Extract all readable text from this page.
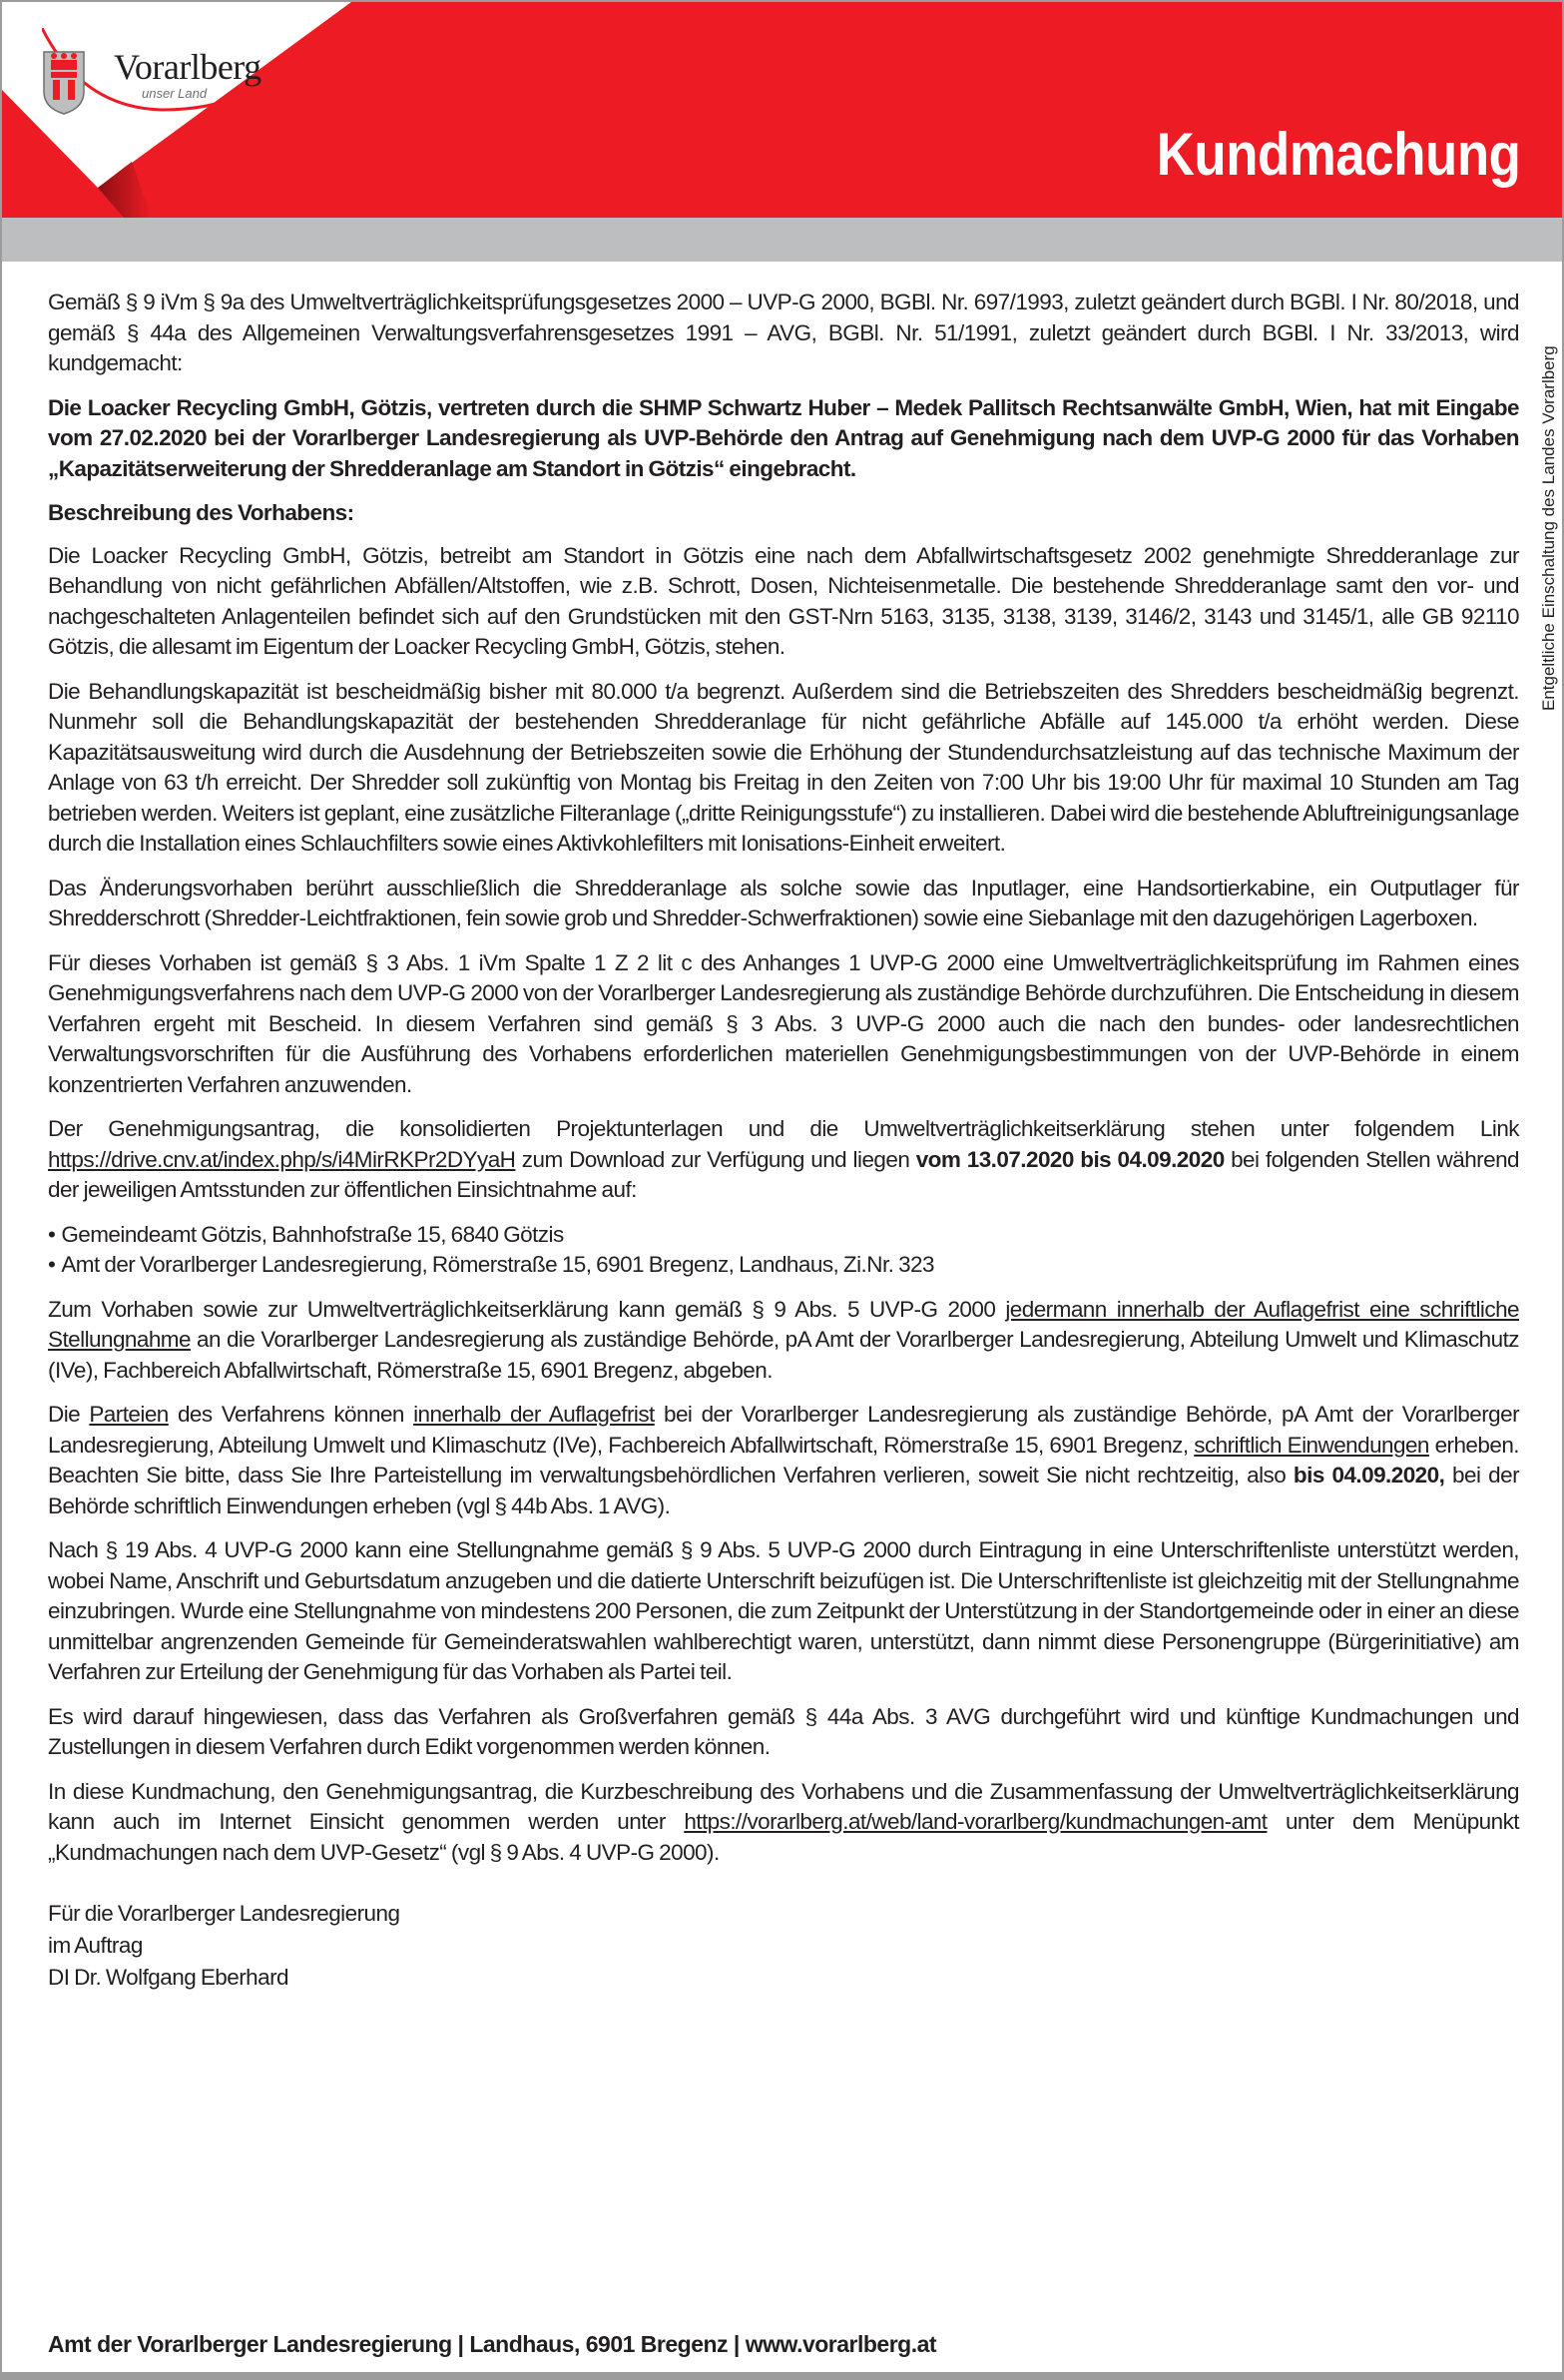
Vorarlberg
unser Land
Kundmachung
Entgeltliche Einschaltung des Landes Vorarlberg

Gemäß § 9 iVm § 9a des Umweltverträglichkeitsprüfungsgesetzes 2000 – UVP-G 2000, BGBl. Nr. 697/1993, zuletzt geändert durch BGBl. I Nr. 80/2018, und gemäß § 44a des Allgemeinen Verwaltungsverfahrensgesetzes 1991 – AVG, BGBl. Nr. 51/1991, zuletzt geändert durch BGBl. I Nr. 33/2013, wird kundgemacht:

Die Loacker Recycling GmbH, Götzis, vertreten durch die SHMP Schwartz Huber – Medek Pallitsch Rechtsanwälte GmbH, Wien, hat mit Eingabe vom 27.02.2020 bei der Vorarlberger Landesregierung als UVP-Behörde den Antrag auf Genehmigung nach dem UVP-G 2000 für das Vorhaben „Kapazitätserweiterung der Shredderanlage am Standort in Götzis“ eingebracht.

Beschreibung des Vorhabens:

Die Loacker Recycling GmbH, Götzis, betreibt am Standort in Götzis eine nach dem Abfallwirtschaftsgesetz 2002 genehmigte Shredderanlage zur Behandlung von nicht gefährlichen Abfällen/Altstoffen, wie z.B. Schrott, Dosen, Nichteisenmetalle. Die bestehende Shredderanlage samt den vor- und nachgeschalteten Anlagenteilen befindet sich auf den Grundstücken mit den GST-Nrn 5163, 3135, 3138, 3139, 3146/2, 3143 und 3145/1, alle GB 92110 Götzis, die allesamt im Eigentum der Loacker Recycling GmbH, Götzis, stehen.

Die Behandlungskapazität ist bescheidmäßig bisher mit 80.000 t/a begrenzt. Außerdem sind die Betriebszeiten des Shredders bescheidmäßig begrenzt. Nunmehr soll die Behandlungskapazität der bestehenden Shredderanlage für nicht gefährliche Abfälle auf 145.000 t/a erhöht werden. Diese Kapazitätsausweitung wird durch die Ausdehnung der Betriebszeiten sowie die Erhöhung der Stundendurchsatzleistung auf das technische Maximum der Anlage von 63 t/h erreicht. Der Shredder soll zukünftig von Montag bis Freitag in den Zeiten von 7:00 Uhr bis 19:00 Uhr für maximal 10 Stunden am Tag betrieben werden. Weiters ist geplant, eine zusätzliche Filteranlage („dritte Reinigungsstufe“) zu installieren. Dabei wird die bestehende Abluftreinigungsanlage durch die Installation eines Schlauchfilters sowie eines Aktivkohlefilters mit Ionisations-Einheit erweitert.

Das Änderungsvorhaben berührt ausschließlich die Shredderanlage als solche sowie das Inputlager, eine Handsortierkabine, ein Outputlager für Shredderschrott (Shredder-Leichtfraktionen, fein sowie grob und Shredder-Schwerfraktionen) sowie eine Siebanlage mit den dazugehörigen Lagerboxen.

Für dieses Vorhaben ist gemäß § 3 Abs. 1 iVm Spalte 1 Z 2 lit c des Anhanges 1 UVP-G 2000 eine Umweltverträglichkeitsprüfung im Rahmen eines Genehmigungsverfahrens nach dem UVP-G 2000 von der Vorarlberger Landesregierung als zuständige Behörde durchzuführen. Die Entscheidung in diesem Verfahren ergeht mit Bescheid. In diesem Verfahren sind gemäß § 3 Abs. 3 UVP-G 2000 auch die nach den bundes- oder landesrechtlichen Verwaltungsvorschriften für die Ausführung des Vorhabens erforderlichen materiellen Genehmigungsbestimmungen von der UVP-Behörde in einem konzentrierten Verfahren anzuwenden.

Der Genehmigungsantrag, die konsolidierten Projektunterlagen und die Umweltverträglichkeitserklärung stehen unter folgendem Link https://drive.cnv.at/index.php/s/i4MirRKPr2DYyaH zum Download zur Verfügung und liegen vom 13.07.2020 bis 04.09.2020 bei folgenden Stellen während der jeweiligen Amtsstunden zur öffentlichen Einsichtnahme auf:

• Gemeindeamt Götzis, Bahnhofstraße 15, 6840 Götzis
• Amt der Vorarlberger Landesregierung, Römerstraße 15, 6901 Bregenz, Landhaus, Zi.Nr. 323

Zum Vorhaben sowie zur Umweltverträglichkeitserklärung kann gemäß § 9 Abs. 5 UVP-G 2000 jedermann innerhalb der Auflagefrist eine schriftliche Stellungnahme an die Vorarlberger Landesregierung als zuständige Behörde, pA Amt der Vorarlberger Landesregierung, Abteilung Umwelt und Klimaschutz (IVe), Fachbereich Abfallwirtschaft, Römerstraße 15, 6901 Bregenz, abgeben.

Die Parteien des Verfahrens können innerhalb der Auflagefrist bei der Vorarlberger Landesregierung als zuständige Behörde, pA Amt der Vorarlberger Landesregierung, Abteilung Umwelt und Klimaschutz (IVe), Fachbereich Abfallwirtschaft, Römerstraße 15, 6901 Bregenz, schriftlich Einwendungen erheben. Beachten Sie bitte, dass Sie Ihre Parteistellung im verwaltungsbehördlichen Verfahren verlieren, soweit Sie nicht rechtzeitig, also bis 04.09.2020, bei der Behörde schriftlich Einwendungen erheben (vgl § 44b Abs. 1 AVG).

Nach § 19 Abs. 4 UVP-G 2000 kann eine Stellungnahme gemäß § 9 Abs. 5 UVP-G 2000 durch Eintragung in eine Unterschriftenliste unterstützt werden, wobei Name, Anschrift und Geburtsdatum anzugeben und die datierte Unterschrift beizufügen ist. Die Unterschriftenliste ist gleichzeitig mit der Stellungnahme einzubringen. Wurde eine Stellungnahme von mindestens 200 Personen, die zum Zeitpunkt der Unterstützung in der Standortgemeinde oder in einer an diese unmittelbar angrenzenden Gemeinde für Gemeinderatswahlen wahlberechtigt waren, unterstützt, dann nimmt diese Personengruppe (Bürgerinitiative) am Verfahren zur Erteilung der Genehmigung für das Vorhaben als Partei teil.

Es wird darauf hingewiesen, dass das Verfahren als Großverfahren gemäß § 44a Abs. 3 AVG durchgeführt wird und künftige Kundmachungen und Zustellungen in diesem Verfahren durch Edikt vorgenommen werden können.

In diese Kundmachung, den Genehmigungsantrag, die Kurzbeschreibung des Vorhabens und die Zusammenfassung der Umweltverträglichkeitserklärung kann auch im Internet Einsicht genommen werden unter https://vorarlberg.at/web/land-vorarlberg/kundmachungen-amt unter dem Menüpunkt „Kundmachungen nach dem UVP-Gesetz“ (vgl § 9 Abs. 4 UVP-G 2000).

Für die Vorarlberger Landesregierung
im Auftrag
DI Dr. Wolfgang Eberhard
Amt der Vorarlberger Landesregierung | Landhaus, 6901 Bregenz | www.vorarlberg.at
